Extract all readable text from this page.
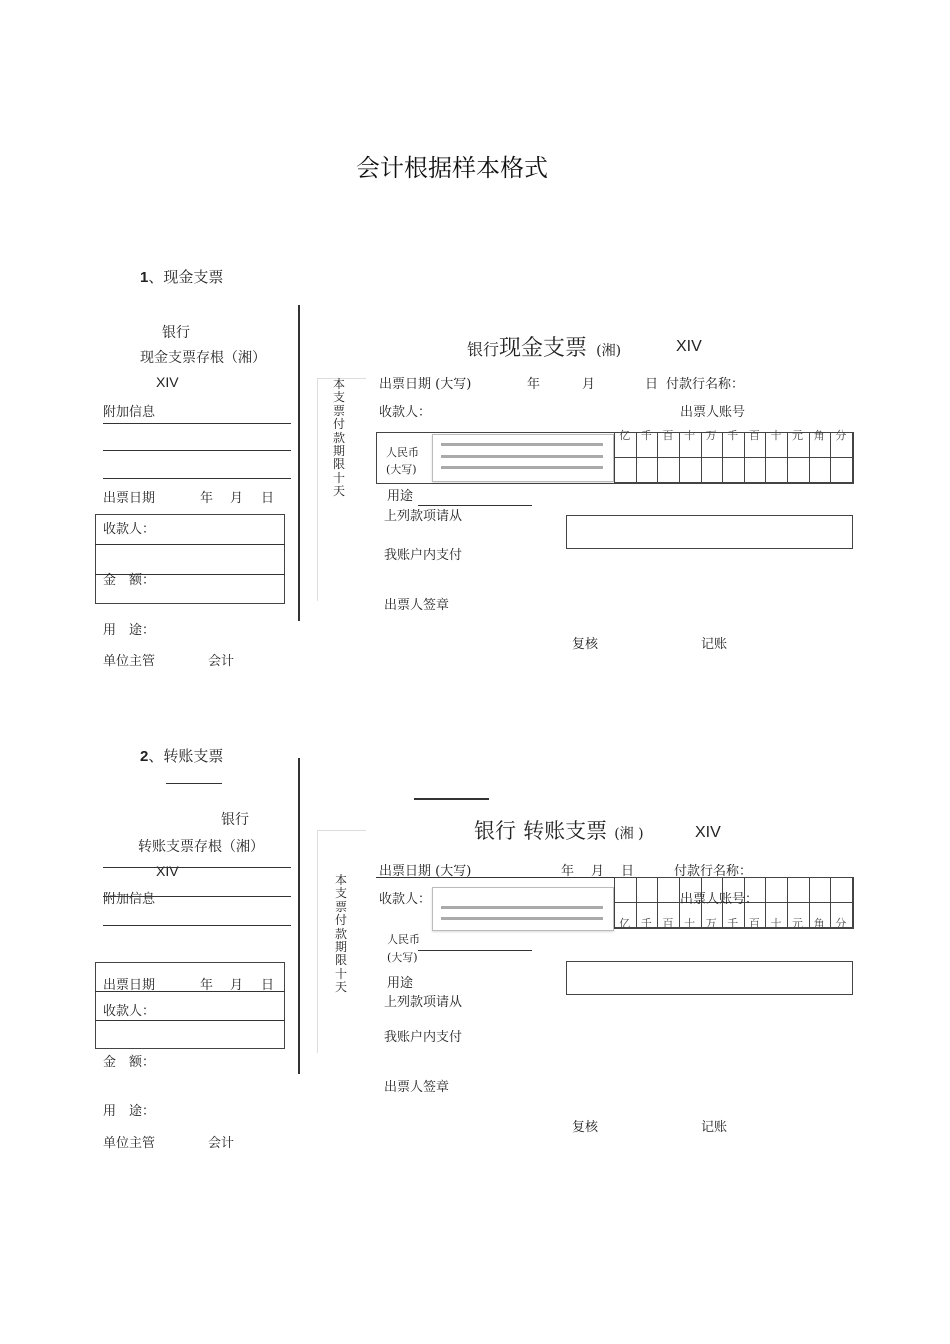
会计根据样本格式
1、现金支票
银行
现金支票存根（湘）
XIV
附加信息
出票日期	年 月 日
收款人：
金　额：
用　途：
单位主管	会计
本支票付款期限十天
银行现金支票 (湘)	XIV
出票日期 (大写)	年	月	日 付款行名称：
收款人：	出票人账号
亿 千 百 十 万 千 百 十 元 角 分
人民币
(大写)
用途
上列款项请从
我账户内支付
出票人签章
复核	记账
2、转账支票
银行
转账支票存根（湘）
XIV
附加信息
出票日期	年 月 日
收款人：
金　额：
用　途：
单位主管	会计
本支票付款期限十天
银行 转账支票 (湘 )	XIV
出票日期 (大写)	年 月 日	付款行名称：
收款人：	出票人账号：
亿 千 百 十 万 千 百 十 元 角 分
人民币
(大写)
用途
上列款项请从
我账户内支付
出票人签章
复核	记账
